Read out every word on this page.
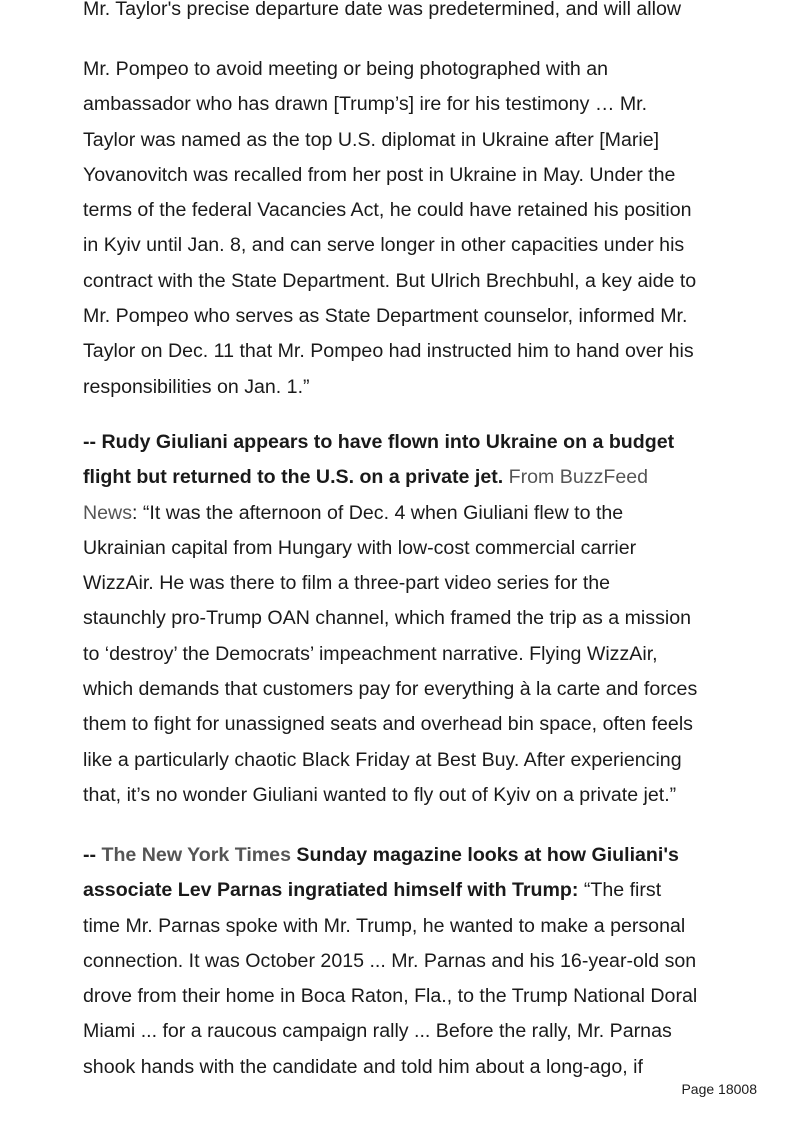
Mr. Taylor's precise departure date was predetermined, and will allow
Mr. Pompeo to avoid meeting or being photographed with an
ambassador who has drawn [Trump’s] ire for his testimony … Mr.
Taylor was named as the top U.S. diplomat in Ukraine after [Marie]
Yovanovitch was recalled from her post in Ukraine in May. Under the
terms of the federal Vacancies Act, he could have retained his position
in Kyiv until Jan. 8, and can serve longer in other capacities under his
contract with the State Department. But Ulrich Brechbuhl, a key aide to
Mr. Pompeo who serves as State Department counselor, informed Mr.
Taylor on Dec. 11 that Mr. Pompeo had instructed him to hand over his
responsibilities on Jan. 1.”
-- Rudy Giuliani appears to have flown into Ukraine on a budget
flight but returned to the U.S. on a private jet. From BuzzFeed
News: “It was the afternoon of Dec. 4 when Giuliani flew to the
Ukrainian capital from Hungary with low-cost commercial carrier
WizzAir. He was there to film a three-part video series for the
staunchly pro-Trump OAN channel, which framed the trip as a mission
to ‘destroy’ the Democrats’ impeachment narrative. Flying WizzAir,
which demands that customers pay for everything à la carte and forces
them to fight for unassigned seats and overhead bin space, often feels
like a particularly chaotic Black Friday at Best Buy. After experiencing
that, it’s no wonder Giuliani wanted to fly out of Kyiv on a private jet.”
-- The New York Times Sunday magazine looks at how Giuliani's
associate Lev Parnas ingratiated himself with Trump: “The first
time Mr. Parnas spoke with Mr. Trump, he wanted to make a personal
connection. It was October 2015 ... Mr. Parnas and his 16-year-old son
drove from their home in Boca Raton, Fla., to the Trump National Doral
Miami ... for a raucous campaign rally ... Before the rally, Mr. Parnas
shook hands with the candidate and told him about a long-ago, if
Page 18008
